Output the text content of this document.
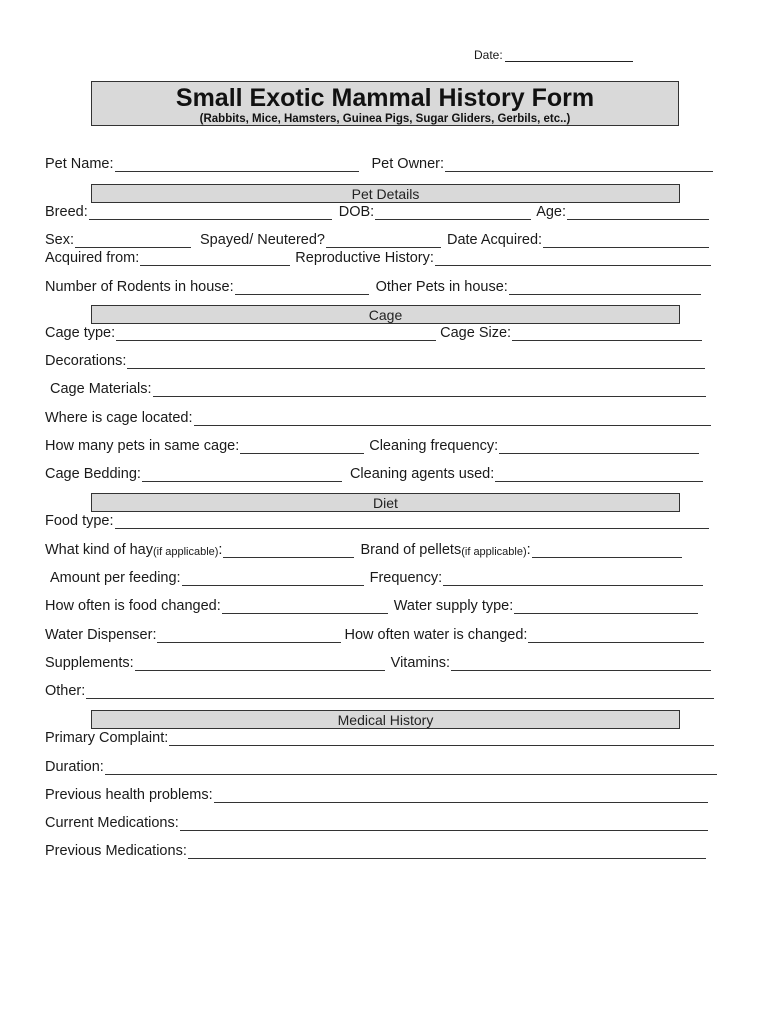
Date:
Small Exotic Mammal History Form
(Rabbits, Mice, Hamsters, Guinea Pigs, Sugar Gliders, Gerbils, etc..)
Pet Name:	Pet Owner:
Pet Details
Breed:	DOB:	Age:
Sex:	Spayed/ Neutered?	Date Acquired:
Acquired from:	Reproductive History:
Number of Rodents in house:	Other Pets in house:
Cage
Cage type:	Cage Size:
Decorations:
Cage Materials:
Where is cage located:
How many pets in same cage:	Cleaning frequency:
Cage Bedding:	Cleaning agents used:
Diet
Food type:
What kind of hay (if applicable) :	Brand of pellets (if applicable) :
Amount per feeding:	Frequency:
How often is food changed:	Water supply type:
Water Dispenser:	How often water is changed:
Supplements:	Vitamins:
Other:
Medical History
Primary Complaint:
Duration:
Previous health problems:
Current Medications:
Previous Medications:
